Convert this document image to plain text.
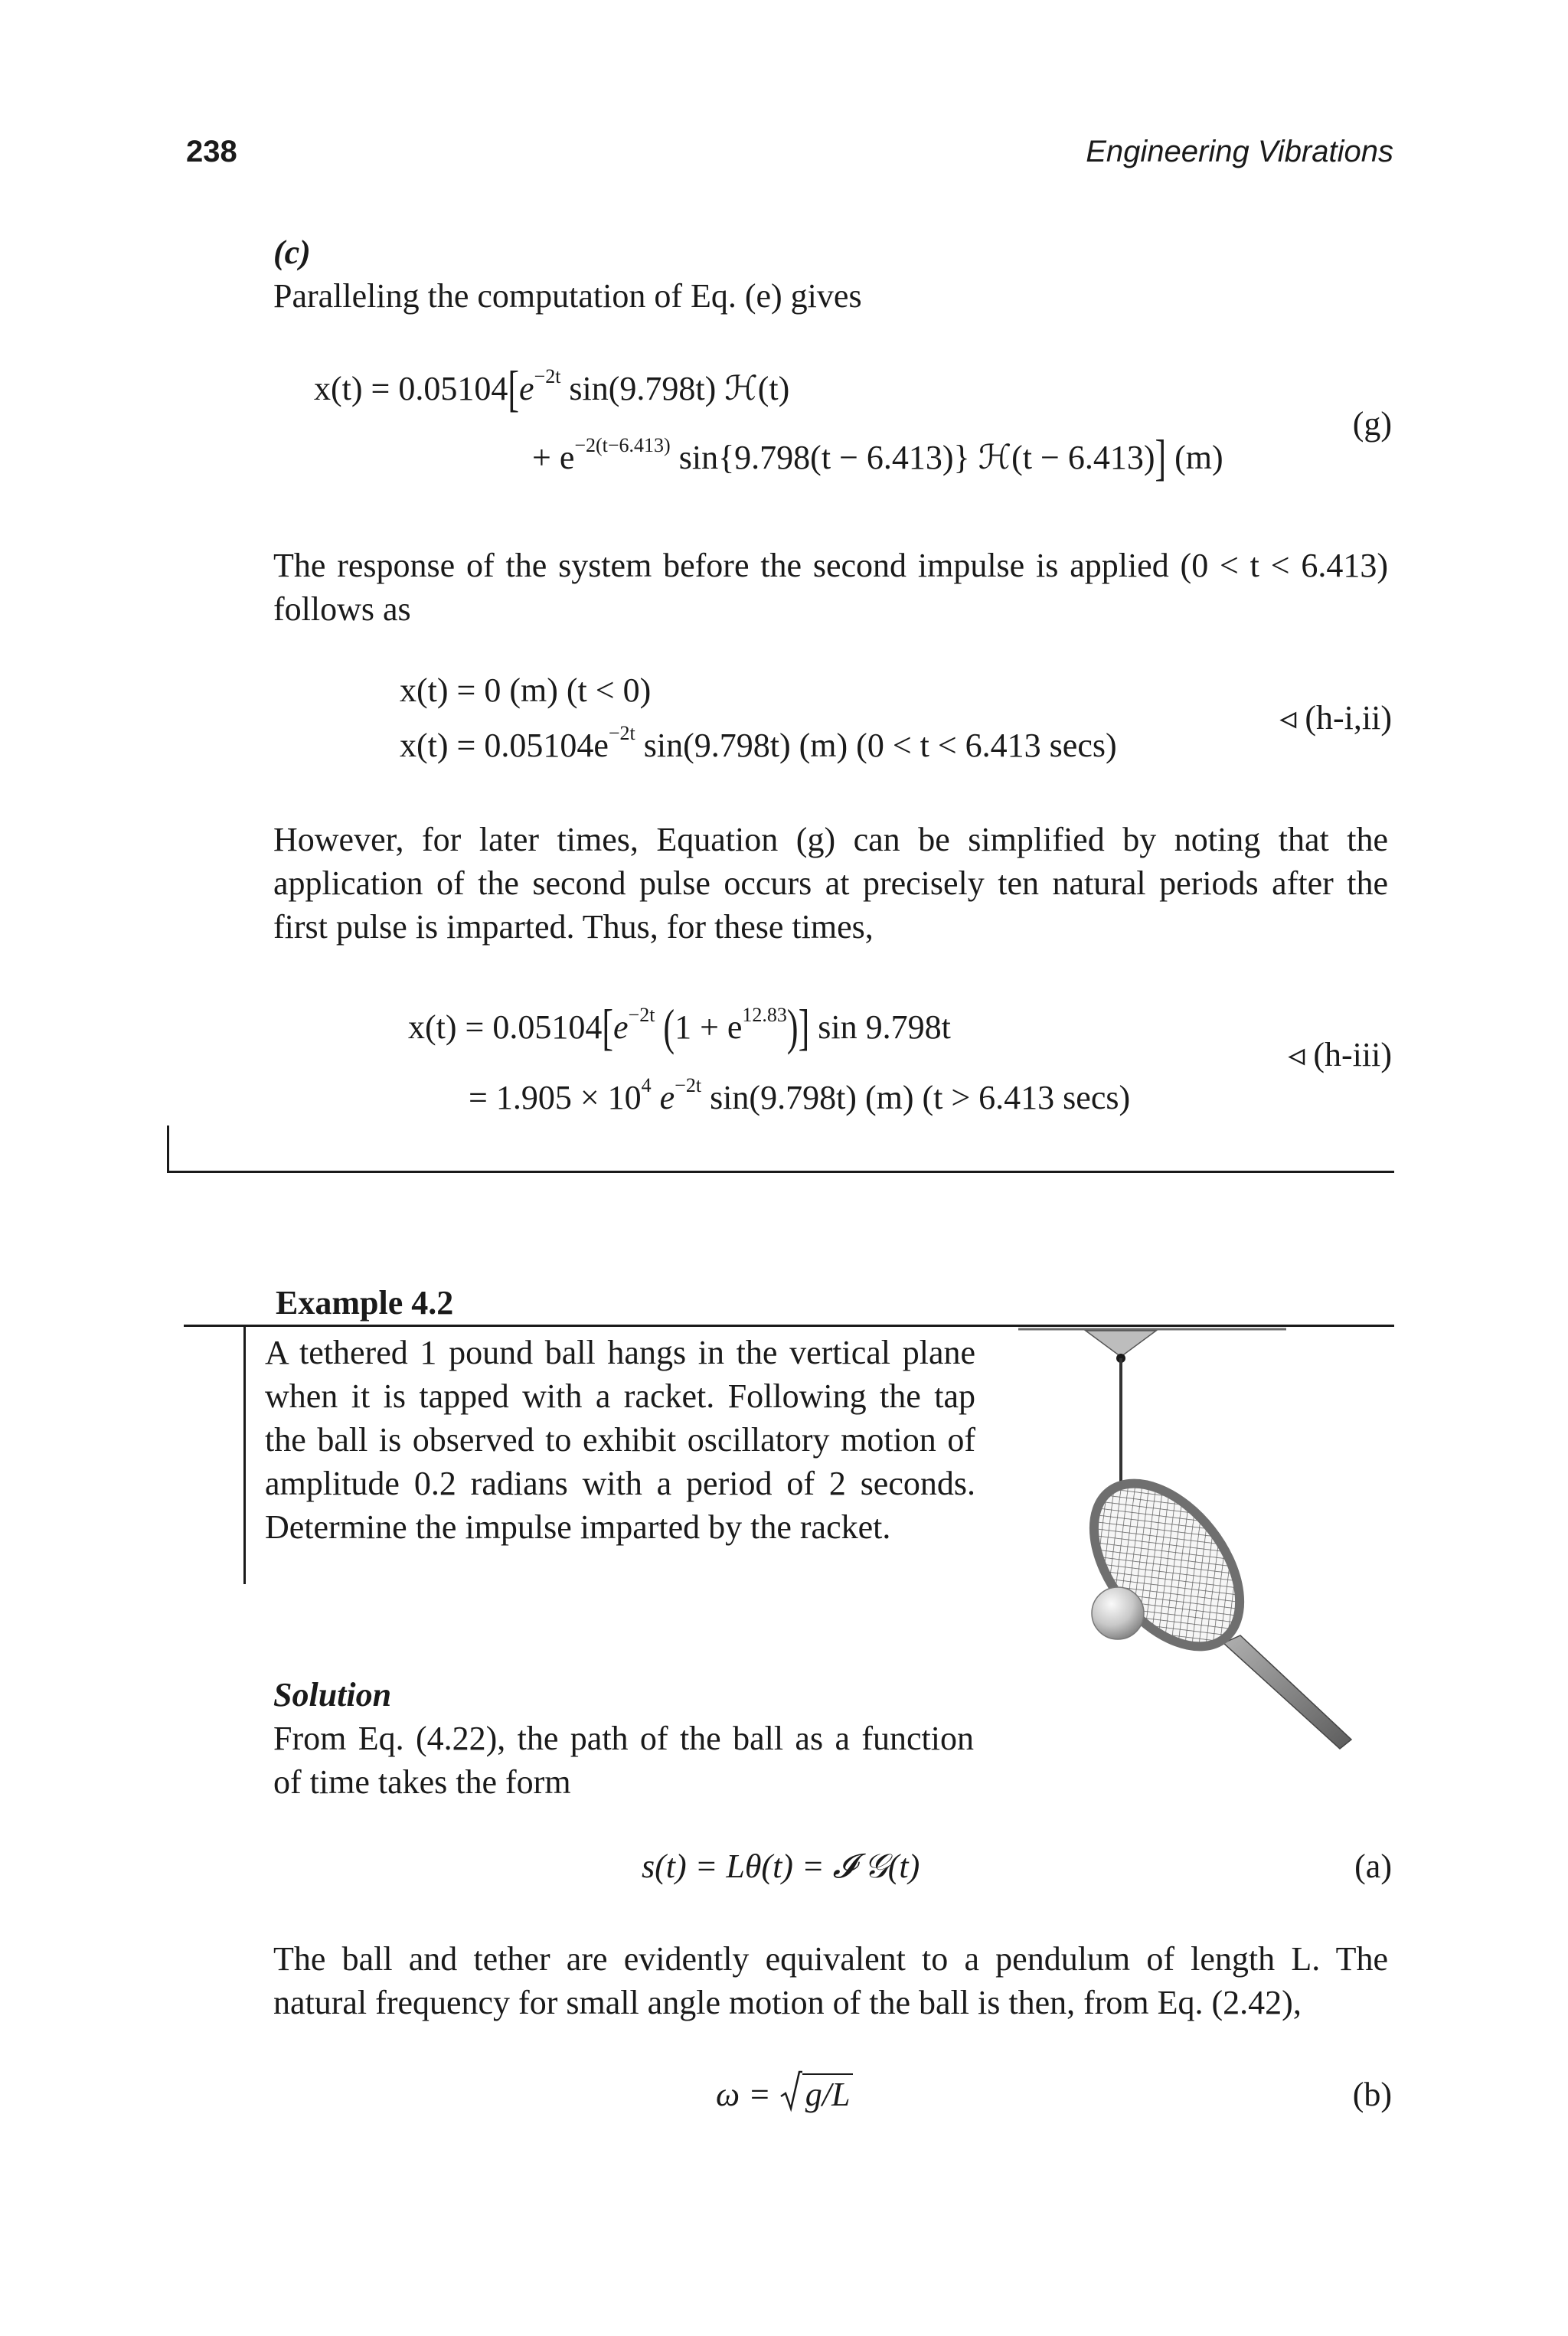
238	Engineering Vibrations
(c)
Paralleling the computation of Eq. (e) gives
$x(t) = 0.05104[e^{-2t}$ sin(9.798t) ℋ(t)
+ $e^{-2(t-6.413)}$ sin{9.798(t − 6.413)} ℋ(t − 6.413)] (m)
(g)
The response of the system before the second impulse is applied (0 < t < 6.413) follows as
x(t) = 0 (m) (t < 0)
$x(t) = 0.05104e^{-2t}$ sin(9.798t) (m) (0 < t < 6.413 secs)
◃ (h-i,ii)
However, for later times, Equation (g) can be simplified by noting that the application of the second pulse occurs at precisely ten natural periods after the first pulse is imparted. Thus, for these times,
$x(t) = 0.05104[e^{-2t}$ $(1 + e^{12.83})$] sin 9.798t
= $1.905 \times 10^4$ $e^{-2t}$ sin(9.798t) (m) (t > 6.413 secs)
◃ (h-iii)
Example 4.2
A tethered 1 pound ball hangs in the vertical plane when it is tapped with a racket. Following the tap the ball is observed to exhibit oscillatory motion of amplitude 0.2 radians with a period of 2 seconds. Determine the impulse imparted by the racket.
Solution
From Eq. (4.22), the path of the ball as a function of time takes the form
s(t) = Lθ(t) = 𝓘 𝒢(t)	(a)
The ball and tether are evidently equivalent to a pendulum of length L. The natural frequency for small angle motion of the ball is then, from Eq. (2.42),
ω = g/L	(b)
